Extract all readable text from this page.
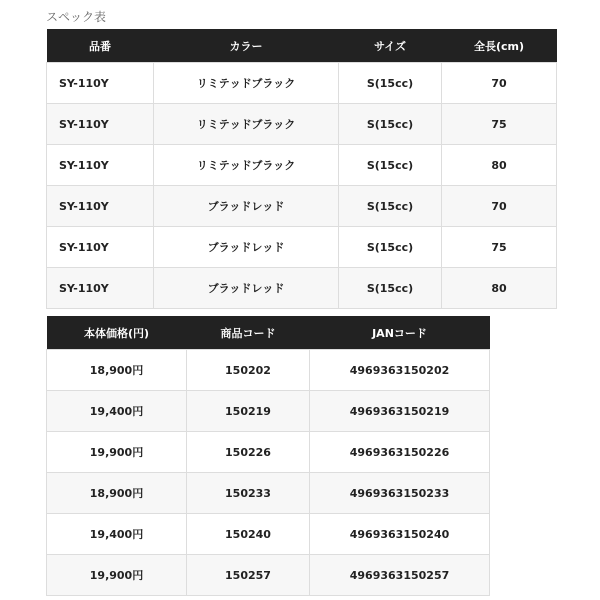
スペック表
品番	カラー	サイズ	全長(cm)
SY-110Y	リミテッドブラック	S(15cc)	70
SY-110Y	リミテッドブラック	S(15cc)	75
SY-110Y	リミテッドブラック	S(15cc)	80
SY-110Y	ブラッドレッド	S(15cc)	70
SY-110Y	ブラッドレッド	S(15cc)	75
SY-110Y	ブラッドレッド	S(15cc)	80
本体価格(円)	商品コード	JANコード
18,900円	150202	4969363150202
19,400円	150219	4969363150219
19,900円	150226	4969363150226
18,900円	150233	4969363150233
19,400円	150240	4969363150240
19,900円	150257	4969363150257
